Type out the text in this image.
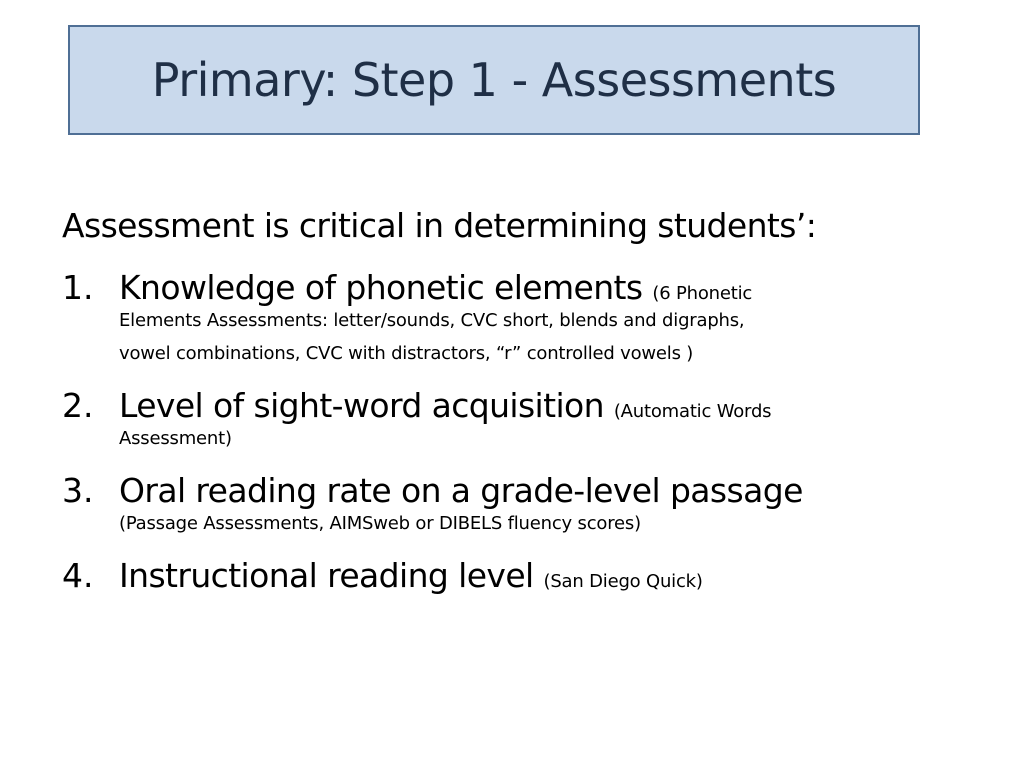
Primary: Step 1 - Assessments
Assessment is critical in determining students’:
1. Knowledge of phonetic elements (6 Phonetic
Elements Assessments: letter/sounds, CVC short, blends and digraphs,
vowel combinations, CVC with distractors, “r” controlled vowels )
2. Level of sight-word acquisition (Automatic Words
Assessment)
3. Oral reading rate on a grade-level passage
(Passage Assessments, AIMSweb or DIBELS fluency scores)
4. Instructional reading level (San Diego Quick)
